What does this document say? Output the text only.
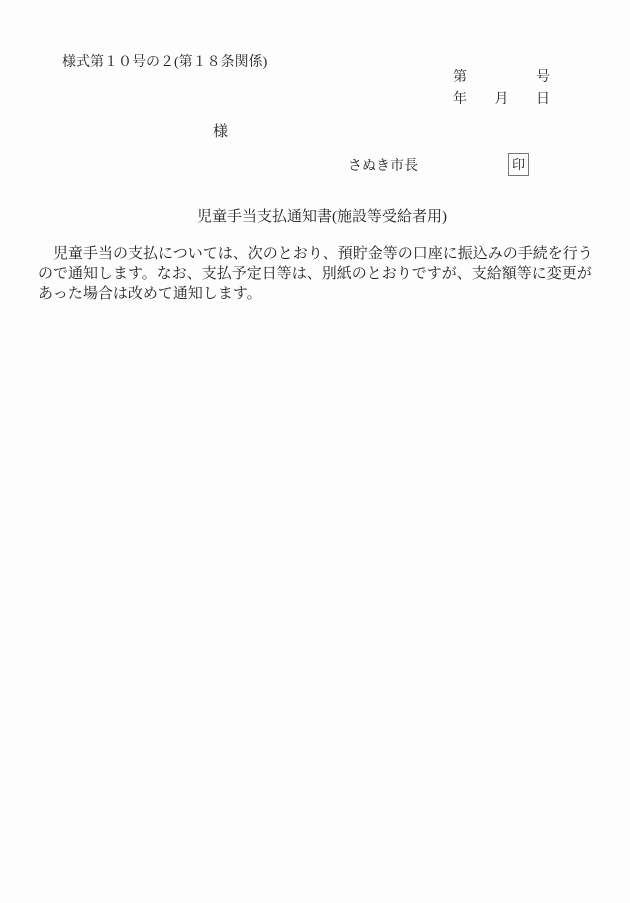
様式第１０号の２(第１８条関係)
第	号
年 月 日
様
さぬき市長	印
児童手当支払通知書(施設等受給者用)
　児童手当の支払については、次のとおり、預貯金等の口座に振込みの手続を行う
ので通知します。なお、支払予定日等は、別紙のとおりですが、支給額等に変更が
あった場合は改めて通知します。
